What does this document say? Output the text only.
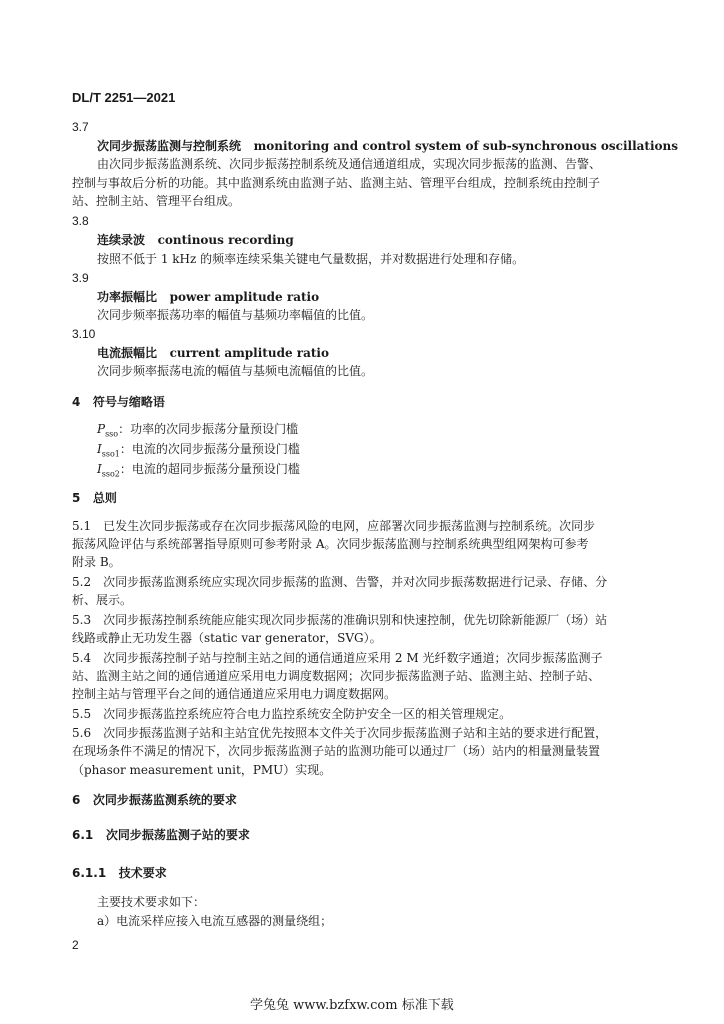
DL/T 2251—2021
3.7
次同步振荡监测与控制系统 monitoring and control system of sub-synchronous oscillations
由次同步振荡监测系统、次同步振荡控制系统及通信通道组成，实现次同步振荡的监测、告警、
控制与事故后分析的功能。其中监测系统由监测子站、监测主站、管理平台组成，控制系统由控制子
站、控制主站、管理平台组成。
3.8
连续录波 continous recording
按照不低于 1 kHz 的频率连续采集关键电气量数据，并对数据进行处理和存储。
3.9
功率振幅比 power amplitude ratio
次同步频率振荡功率的幅值与基频功率幅值的比值。
3.10
电流振幅比 current amplitude ratio
次同步频率振荡电流的幅值与基频电流幅值的比值。
4 符号与缩略语
$P_{sso}$：功率的次同步振荡分量预设门槛
$I_{sso1}$：电流的次同步振荡分量预设门槛
$I_{sso2}$：电流的超同步振荡分量预设门槛
5 总则
5.1　已发生次同步振荡或存在次同步振荡风险的电网，应部署次同步振荡监测与控制系统。次同步
振荡风险评估与系统部署指导原则可参考附录 A。次同步振荡监测与控制系统典型组网架构可参考
附录 B。
5.2　次同步振荡监测系统应实现次同步振荡的监测、告警，并对次同步振荡数据进行记录、存储、分
析、展示。
5.3　次同步振荡控制系统能应能实现次同步振荡的准确识别和快速控制，优先切除新能源厂（场）站
线路或静止无功发生器（static var generator，SVG）。
5.4　次同步振荡控制子站与控制主站之间的通信通道应采用 2 M 光纤数字通道；次同步振荡监测子
站、监测主站之间的通信通道应采用电力调度数据网；次同步振荡监测子站、监测主站、控制子站、
控制主站与管理平台之间的通信通道应采用电力调度数据网。
5.5　次同步振荡监控系统应符合电力监控系统安全防护安全一区的相关管理规定。
5.6　次同步振荡监测子站和主站宜优先按照本文件关于次同步振荡监测子站和主站的要求进行配置，
在现场条件不满足的情况下，次同步振荡监测子站的监测功能可以通过厂（场）站内的相量测量装置
（phasor measurement unit，PMU）实现。
6 次同步振荡监测系统的要求
6.1 次同步振荡监测子站的要求
6.1.1 技术要求
主要技术要求如下：
a）电流采样应接入电流互感器的测量绕组；
2
学兔兔 www.bzfxw.com 标准下载
